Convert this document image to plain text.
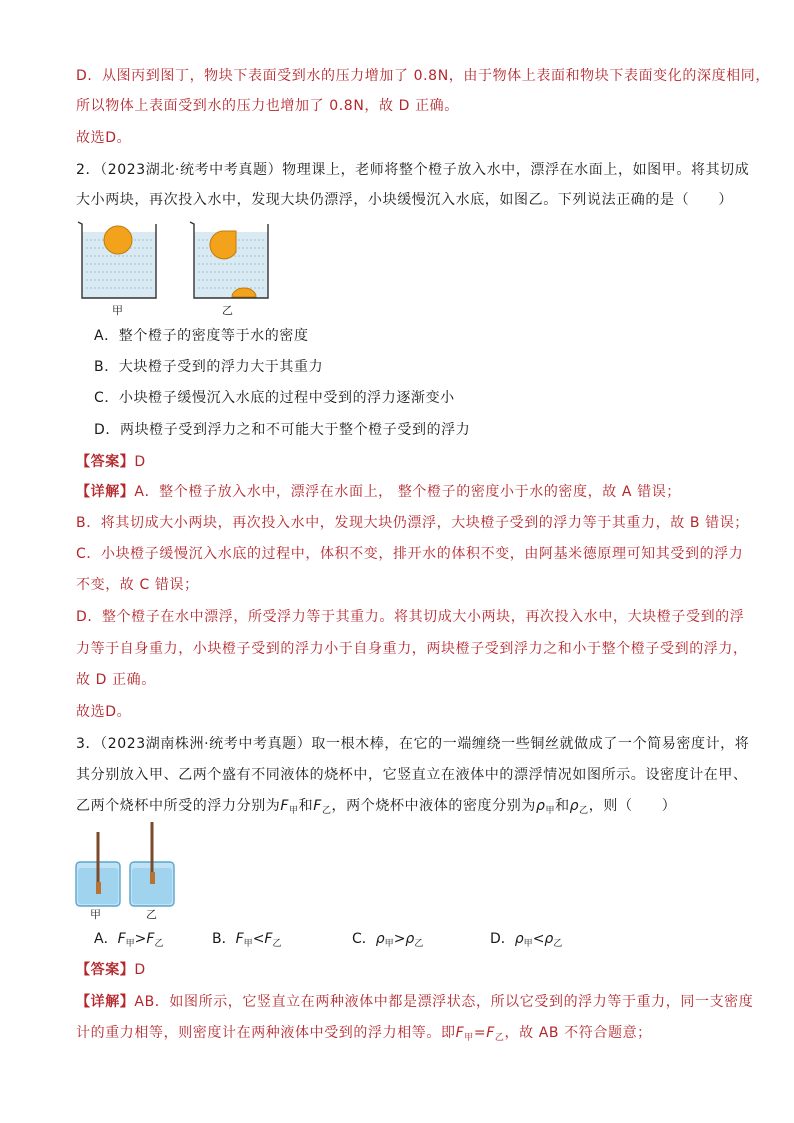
D．从图丙到图丁，物块下表面受到水的压力增加了 0.8N，由于物体上表面和物块下表面变化的深度相同，
所以物体上表面受到水的压力也增加了 0.8N，故 D 正确。
故选D。
2．（2023湖北·统考中考真题）物理课上，老师将整个橙子放入水中，漂浮在水面上，如图甲。将其切成
大小两块，再次投入水中，发现大块仍漂浮，小块缓慢沉入水底，如图乙。下列说法正确的是（　　）
甲	乙
A．整个橙子的密度等于水的密度
B．大块橙子受到的浮力大于其重力
C．小块橙子缓慢沉入水底的过程中受到的浮力逐渐变小
D．两块橙子受到浮力之和不可能大于整个橙子受到的浮力
【答案】D
【详解】A．整个橙子放入水中，漂浮在水面上， 整个橙子的密度小于水的密度，故 A 错误；
B．将其切成大小两块，再次投入水中，发现大块仍漂浮，大块橙子受到的浮力等于其重力，故 B 错误；
C．小块橙子缓慢沉入水底的过程中，体积不变，排开水的体积不变，由阿基米德原理可知其受到的浮力
不变，故 C 错误；
D．整个橙子在水中漂浮，所受浮力等于其重力。将其切成大小两块，再次投入水中，大块橙子受到的浮
力等于自身重力，小块橙子受到的浮力小于自身重力，两块橙子受到浮力之和小于整个橙子受到的浮力，
故 D 正确。
故选D。
3．（2023湖南株洲·统考中考真题）取一根木棒，在它的一端缠绕一些铜丝就做成了一个简易密度计，将
其分别放入甲、乙两个盛有不同液体的烧杯中，它竖直立在液体中的漂浮情况如图所示。设密度计在甲、
乙两个烧杯中所受的浮力分别为$F_甲$和$F_乙$，两个烧杯中液体的密度分别为$\rho_甲$和$\rho_乙$，则（　　）
甲	乙
A．$F_甲>F_乙$	B．$F_甲<F_乙$	C．$\rho_甲>\rho_乙$	D．$\rho_甲<\rho_乙$
【答案】D
【详解】AB．如图所示，它竖直立在两种液体中都是漂浮状态，所以它受到的浮力等于重力，同一支密度
计的重力相等，则密度计在两种液体中受到的浮力相等。即$F_甲=F_乙$，故 AB 不符合题意；
